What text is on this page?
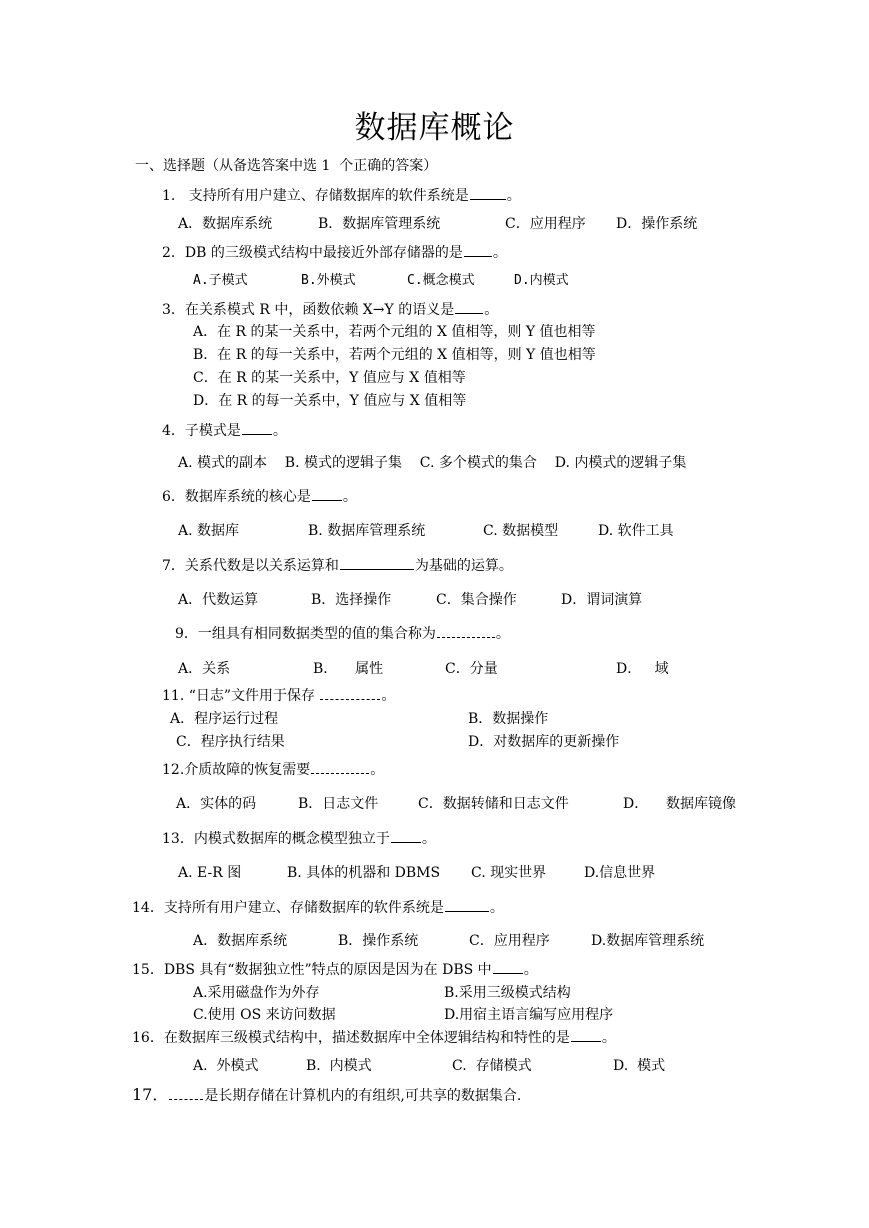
数据库概论
一、选择题（从备选答案中选 1  个正确的答案）
1.   支持所有用户建立、存储数据库的软件系统是	。
A．数据库系统	B．数据库管理系统	C．应用程序 D．操作系统
2．DB 的三级模式结构中最接近外部存储器的是 。
A.子模式	B.外模式	C.概念模式	D.内模式
3．在关系模式 R 中，函数依赖 X→Y 的语义是 。
A．在 R 的某一关系中，若两个元组的 X 值相等，则 Y 值也相等
B．在 R 的每一关系中，若两个元组的 X 值相等，则 Y 值也相等
C．在 R 的某一关系中，Y 值应与 X 值相等
D．在 R 的每一关系中，Y 值应与 X 值相等
4．子模式是 。
A. 模式的副本    B. 模式的逻辑子集    C. 多个模式的集合    D. 内模式的逻辑子集
6．数据库系统的核心是 。
A. 数据库	B. 数据库管理系统	C. 数据模型	D. 软件工具
7．关系代数是以关系运算和	为基础的运算。
A．代数运算	B．选择操作	C．集合操作	D．谓词演算
9．一组具有相同数据类型的值的集合称为	。
A．关系	B．    属性	C．分量	D．   域
11. “日志”文件用于保存	。
A．程序运行过程	B．数据操作
C．程序执行结果	D．对数据库的更新操作
12.介质故障的恢复需要	。
A．实体的码	B．日志文件	C．数据转储和日志文件	D．    数据库镜像
13．内模式数据库的概念模型独立于 。
A. E-R 图	B. 具体的机器和 DBMS C. 现实世界	D.信息世界
14．支持所有用户建立、存储数据库的软件系统是	。
A．数据库系统	B．操作系统	C．应用程序	D.数据库管理系统
15．DBS 具有“数据独立性”特点的原因是因为在 DBS 中 。
A.采用磁盘作为外存	B.采用三级模式结构
C.使用 OS 来访问数据	D.用宿主语言编写应用程序
16．在数据库三级模式结构中，描述数据库中全体逻辑结构和特性的是 。
A.  外模式	B.  内模式	C.  存储模式	D.  模式
17．	是长期存储在计算机内的有组织,可共享的数据集合.
